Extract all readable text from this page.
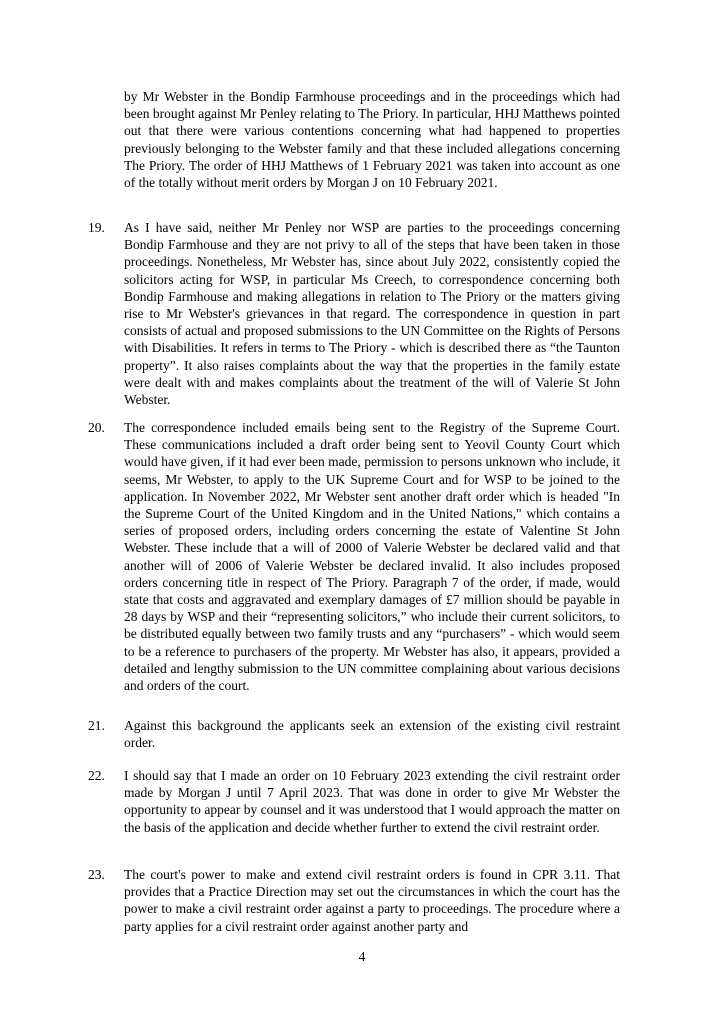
by Mr Webster in the Bondip Farmhouse proceedings and in the proceedings which had been brought against Mr Penley relating to The Priory. In particular, HHJ Matthews pointed out that there were various contentions concerning what had happened to properties previously belonging to the Webster family and that these included allegations concerning The Priory. The order of HHJ Matthews of 1 February 2021 was taken into account as one of the totally without merit orders by Morgan J on 10 February 2021.

19. As I have said, neither Mr Penley nor WSP are parties to the proceedings concerning Bondip Farmhouse and they are not privy to all of the steps that have been taken in those proceedings. Nonetheless, Mr Webster has, since about July 2022, consistently copied the solicitors acting for WSP, in particular Ms Creech, to correspondence concerning both Bondip Farmhouse and making allegations in relation to The Priory or the matters giving rise to Mr Webster's grievances in that regard. The correspondence in question in part consists of actual and proposed submissions to the UN Committee on the Rights of Persons with Disabilities. It refers in terms to The Priory - which is described there as “the Taunton property”. It also raises complaints about the way that the properties in the family estate were dealt with and makes complaints about the treatment of the will of Valerie St John Webster.

20. The correspondence included emails being sent to the Registry of the Supreme Court. These communications included a draft order being sent to Yeovil County Court which would have given, if it had ever been made, permission to persons unknown who include, it seems, Mr Webster, to apply to the UK Supreme Court and for WSP to be joined to the application. In November 2022, Mr Webster sent another draft order which is headed "In the Supreme Court of the United Kingdom and in the United Nations," which contains a series of proposed orders, including orders concerning the estate of Valentine St John Webster. These include that a will of 2000 of Valerie Webster be declared valid and that another will of 2006 of Valerie Webster be declared invalid. It also includes proposed orders concerning title in respect of The Priory. Paragraph 7 of the order, if made, would state that costs and aggravated and exemplary damages of £7 million should be payable in 28 days by WSP and their “representing solicitors,” who include their current solicitors, to be distributed equally between two family trusts and any “purchasers” - which would seem to be a reference to purchasers of the property. Mr Webster has also, it appears, provided a detailed and lengthy submission to the UN committee complaining about various decisions and orders of the court.

21. Against this background the applicants seek an extension of the existing civil restraint order.

22. I should say that I made an order on 10 February 2023 extending the civil restraint order made by Morgan J until 7 April 2023. That was done in order to give Mr Webster the opportunity to appear by counsel and it was understood that I would approach the matter on the basis of the application and decide whether further to extend the civil restraint order.

23. The court's power to make and extend civil restraint orders is found in CPR 3.11. That provides that a Practice Direction may set out the circumstances in which the court has the power to make a civil restraint order against a party to proceedings. The procedure where a party applies for a civil restraint order against another party and

4
